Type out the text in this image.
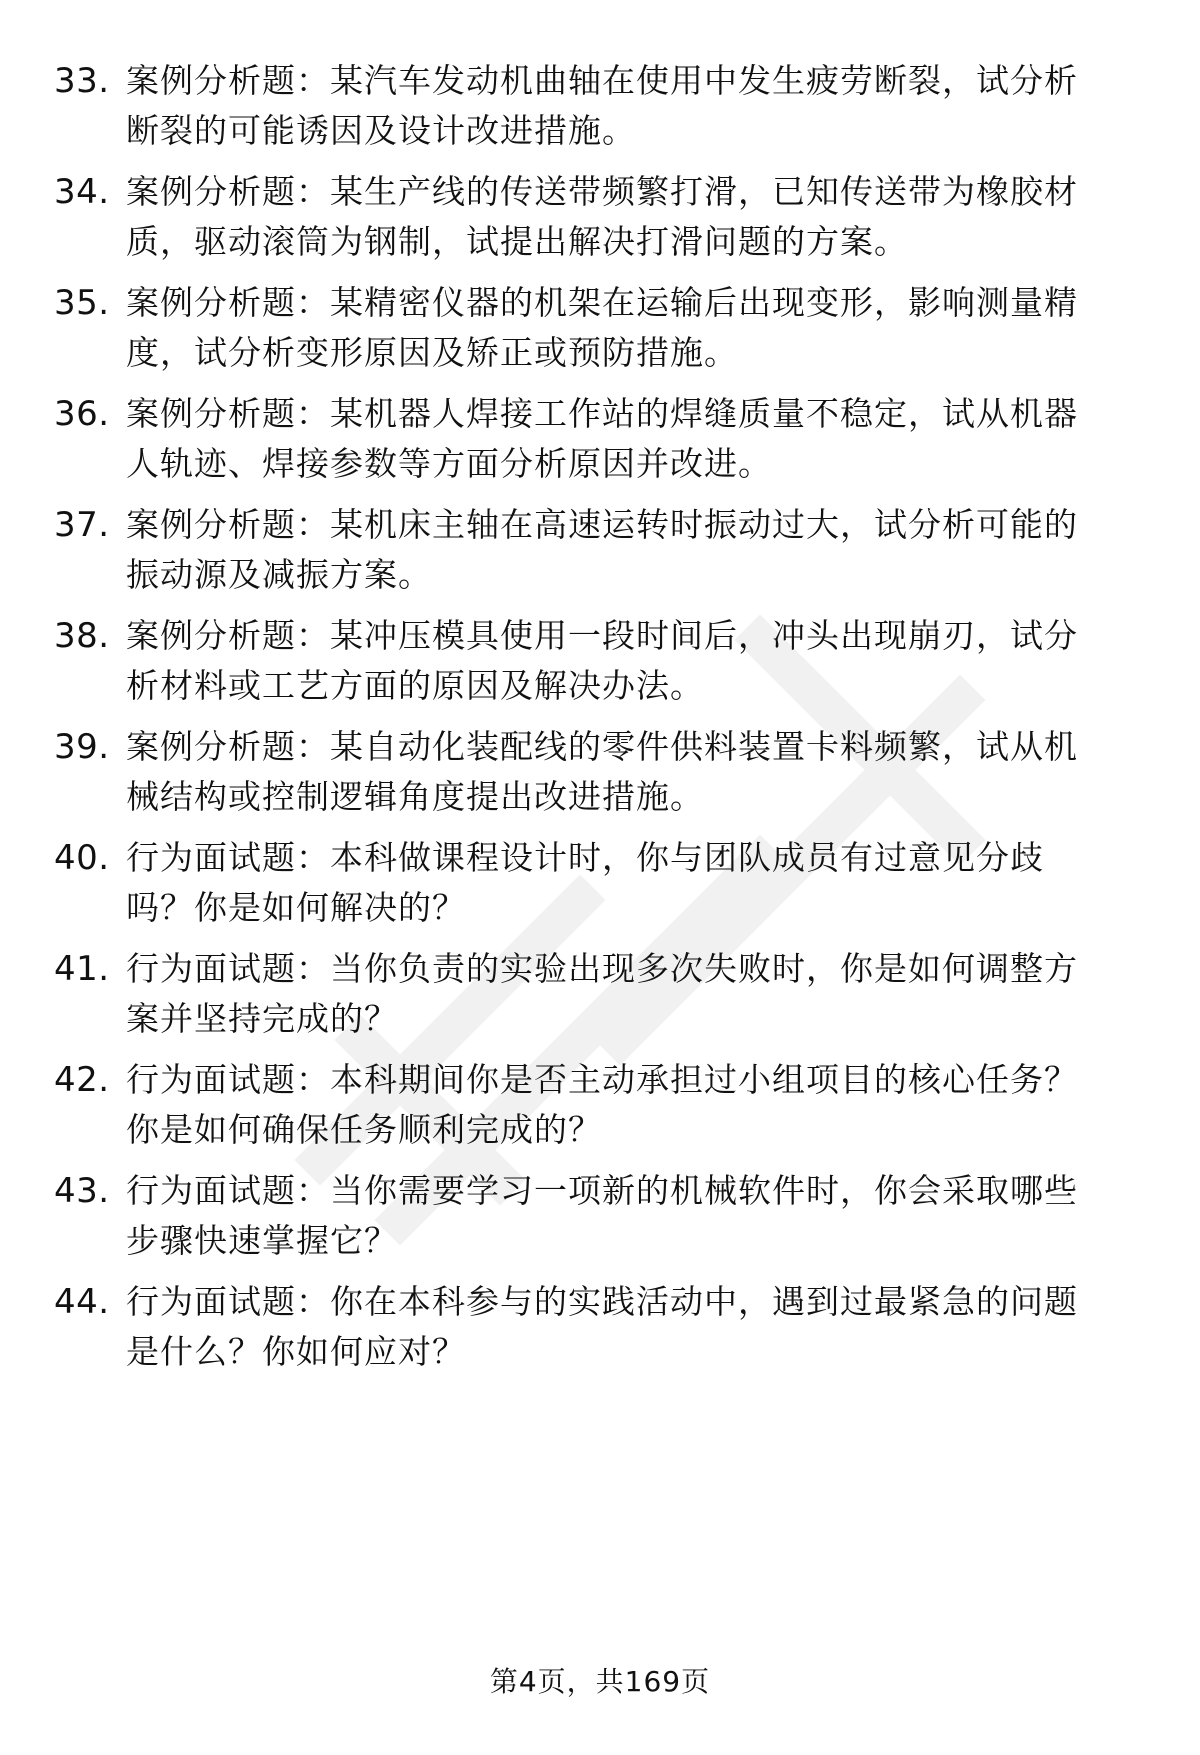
33. 案例分析题：某汽车发动机曲轴在使用中发生疲劳断裂，试分析
断裂的可能诱因及设计改进措施。
34. 案例分析题：某生产线的传送带频繁打滑，已知传送带为橡胶材
质，驱动滚筒为钢制，试提出解决打滑问题的方案。
35. 案例分析题：某精密仪器的机架在运输后出现变形，影响测量精
度，试分析变形原因及矫正或预防措施。
36. 案例分析题：某机器人焊接工作站的焊缝质量不稳定，试从机器
人轨迹、焊接参数等方面分析原因并改进。
37. 案例分析题：某机床主轴在高速运转时振动过大，试分析可能的
振动源及减振方案。
38. 案例分析题：某冲压模具使用一段时间后，冲头出现崩刃，试分
析材料或工艺方面的原因及解决办法。
39. 案例分析题：某自动化装配线的零件供料装置卡料频繁，试从机
械结构或控制逻辑角度提出改进措施。
40. 行为面试题：本科做课程设计时，你与团队成员有过意见分歧
吗？你是如何解决的？
41. 行为面试题：当你负责的实验出现多次失败时，你是如何调整方
案并坚持完成的？
42. 行为面试题：本科期间你是否主动承担过小组项目的核心任务？
你是如何确保任务顺利完成的？
43. 行为面试题：当你需要学习一项新的机械软件时，你会采取哪些
步骤快速掌握它？
44. 行为面试题：你在本科参与的实践活动中，遇到过最紧急的问题
是什么？你如何应对？
第4页，共169页
